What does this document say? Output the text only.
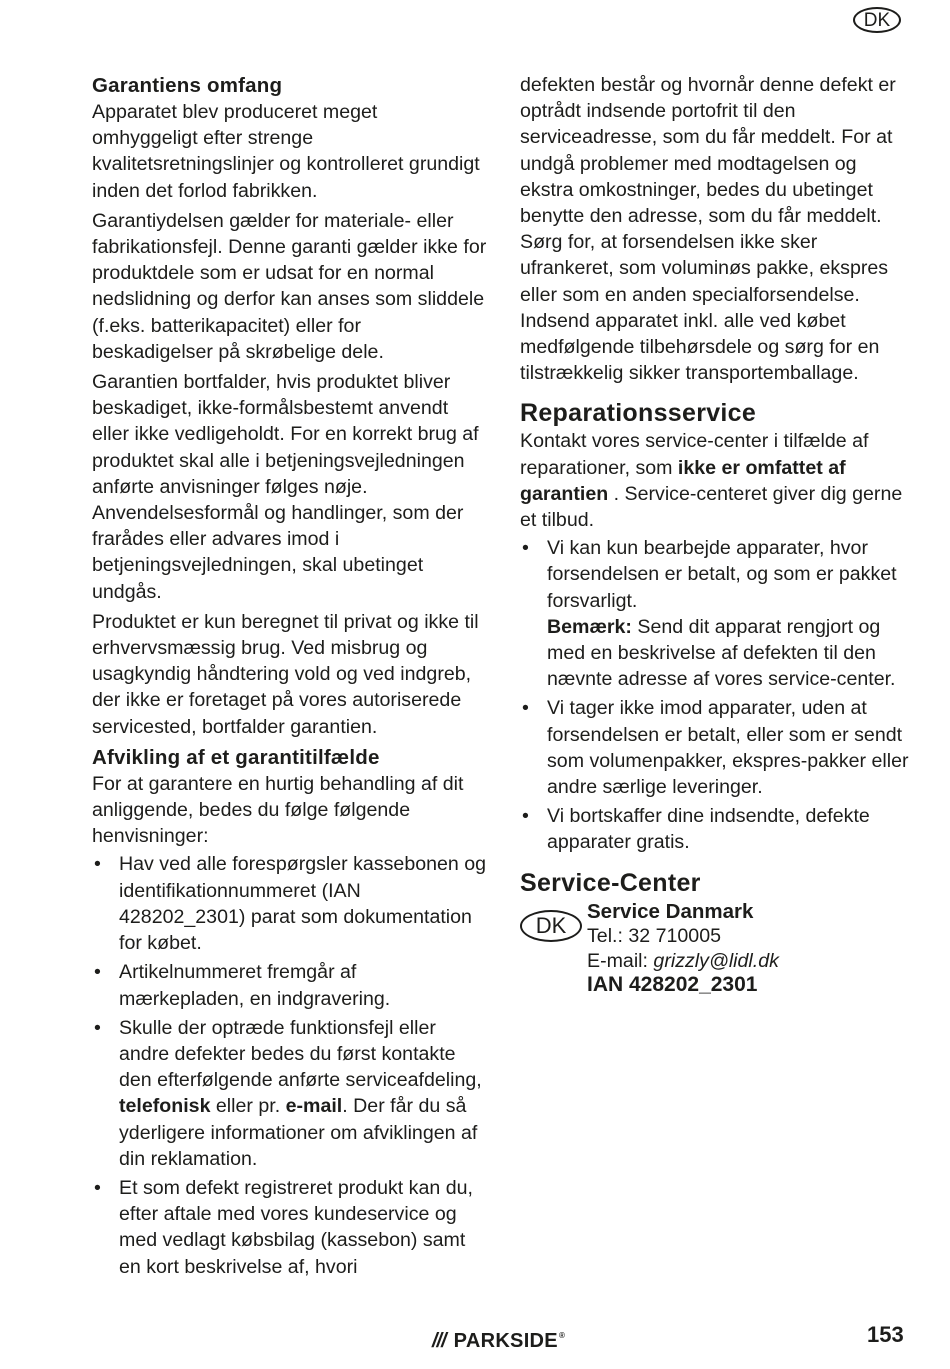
DK
Garantiens omfang

Apparatet blev produceret meget omhyggeligt efter strenge kvalitetsretningslinjer og kontrolleret grundigt inden det forlod fabrikken.

Garantiydelsen gælder for materiale- eller fabrikationsfejl. Denne garanti gælder ikke for produktdele som er udsat for en normal nedslidning og derfor kan anses som sliddele (f.eks. batterikapacitet) eller for beskadigelser på skrøbelige dele.

Garantien bortfalder, hvis produktet bliver beskadiget, ikke-formålsbestemt anvendt eller ikke vedligeholdt. For en korrekt brug af produktet skal alle i betjeningsvejledningen anførte anvisninger følges nøje. Anvendelsesformål og handlinger, som der frarådes eller advares imod i betjeningsvejledningen, skal ubetinget undgås.

Produktet er kun beregnet til privat og ikke til erhvervsmæssig brug. Ved misbrug og usagkyndig håndtering vold og ved indgreb, der ikke er foretaget på vores autoriserede servicested, bortfalder garantien.

Afvikling af et garantitilfælde

For at garantere en hurtig behandling af dit anliggende, bedes du følge følgende henvisninger:

• Hav ved alle forespørgsler kassebonen og identifikationnummeret (IAN 428202_2301) parat som dokumentation for købet.
• Artikelnummeret fremgår af mærkepladen, en indgravering.
• Skulle der optræde funktionsfejl eller andre defekter bedes du først kontakte den efterfølgende anførte serviceafdeling, telefonisk eller pr. e-mail. Der får du så yderligere informationer om afviklingen af din reklamation.
• Et som defekt registreret produkt kan du, efter aftale med vores kundeservice og med vedlagt købsbilag (kassebon) samt en kort beskrivelse af, hvori

defekten består og hvornår denne defekt er optrådt indsende portofrit til den serviceadresse, som du får meddelt. For at undgå problemer med modtagelsen og ekstra omkostninger, bedes du ubetinget benytte den adresse, som du får meddelt. Sørg for, at forsendelsen ikke sker ufrankeret, som voluminøs pakke, ekspres eller som en anden specialforsendelse. Indsend apparatet inkl. alle ved købet medfølgende tilbehørsdele og sørg for en tilstrækkelig sikker transportemballage.

Reparationsservice

Kontakt vores service-center i tilfælde af reparationer, som ikke er omfattet af garantien . Service-centeret giver dig gerne et tilbud.

• Vi kan kun bearbejde apparater, hvor forsendelsen er betalt, og som er pakket forsvarligt.
Bemærk: Send dit apparat rengjort og med en beskrivelse af defekten til den nævnte adresse af vores service-center.
• Vi tager ikke imod apparater, uden at forsendelsen er betalt, eller som er sendt som volumenpakker, ekspres-pakker eller andre særlige leveringer.
• Vi bortskaffer dine indsendte, defekte apparater gratis.
Service-Center
DK
Service Danmark
Tel.: 32 710005
E-mail: grizzly@lidl.dk
IAN 428202_2301
/// PARKSIDE ®	153
